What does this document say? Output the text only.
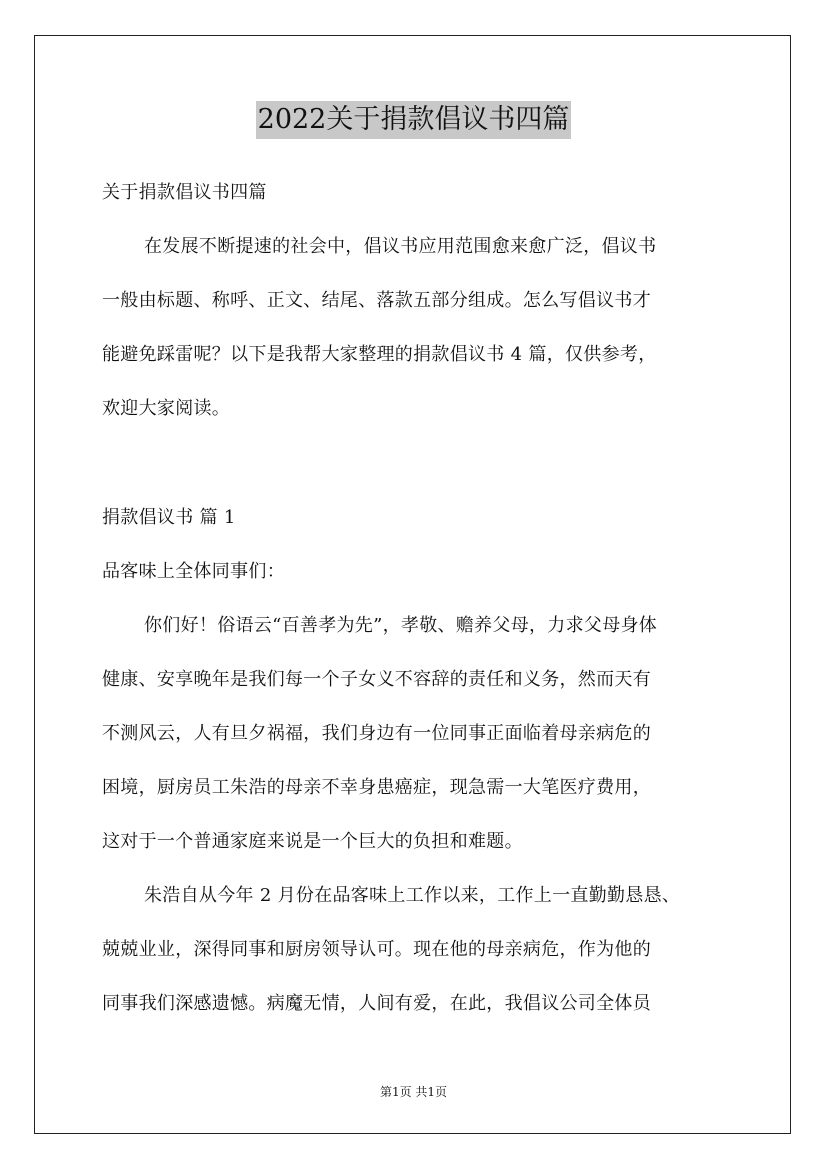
2022关于捐款倡议书四篇
关于捐款倡议书四篇
在发展不断提速的社会中，倡议书应用范围愈来愈广泛，倡议书
一般由标题、称呼、正文、结尾、落款五部分组成。怎么写倡议书才
能避免踩雷呢？以下是我帮大家整理的捐款倡议书 4 篇，仅供参考，
欢迎大家阅读。
捐款倡议书 篇 1
品客味上全体同事们：
你们好！俗语云“百善孝为先”，孝敬、赡养父母，力求父母身体
健康、安享晚年是我们每一个子女义不容辞的责任和义务，然而天有
不测风云，人有旦夕祸福，我们身边有一位同事正面临着母亲病危的
困境，厨房员工朱浩的母亲不幸身患癌症，现急需一大笔医疗费用，
这对于一个普通家庭来说是一个巨大的负担和难题。
朱浩自从今年 2 月份在品客味上工作以来，工作上一直勤勤恳恳、
兢兢业业，深得同事和厨房领导认可。现在他的母亲病危，作为他的
同事我们深感遗憾。病魔无情，人间有爱，在此，我倡议公司全体员
第1页 共1页
